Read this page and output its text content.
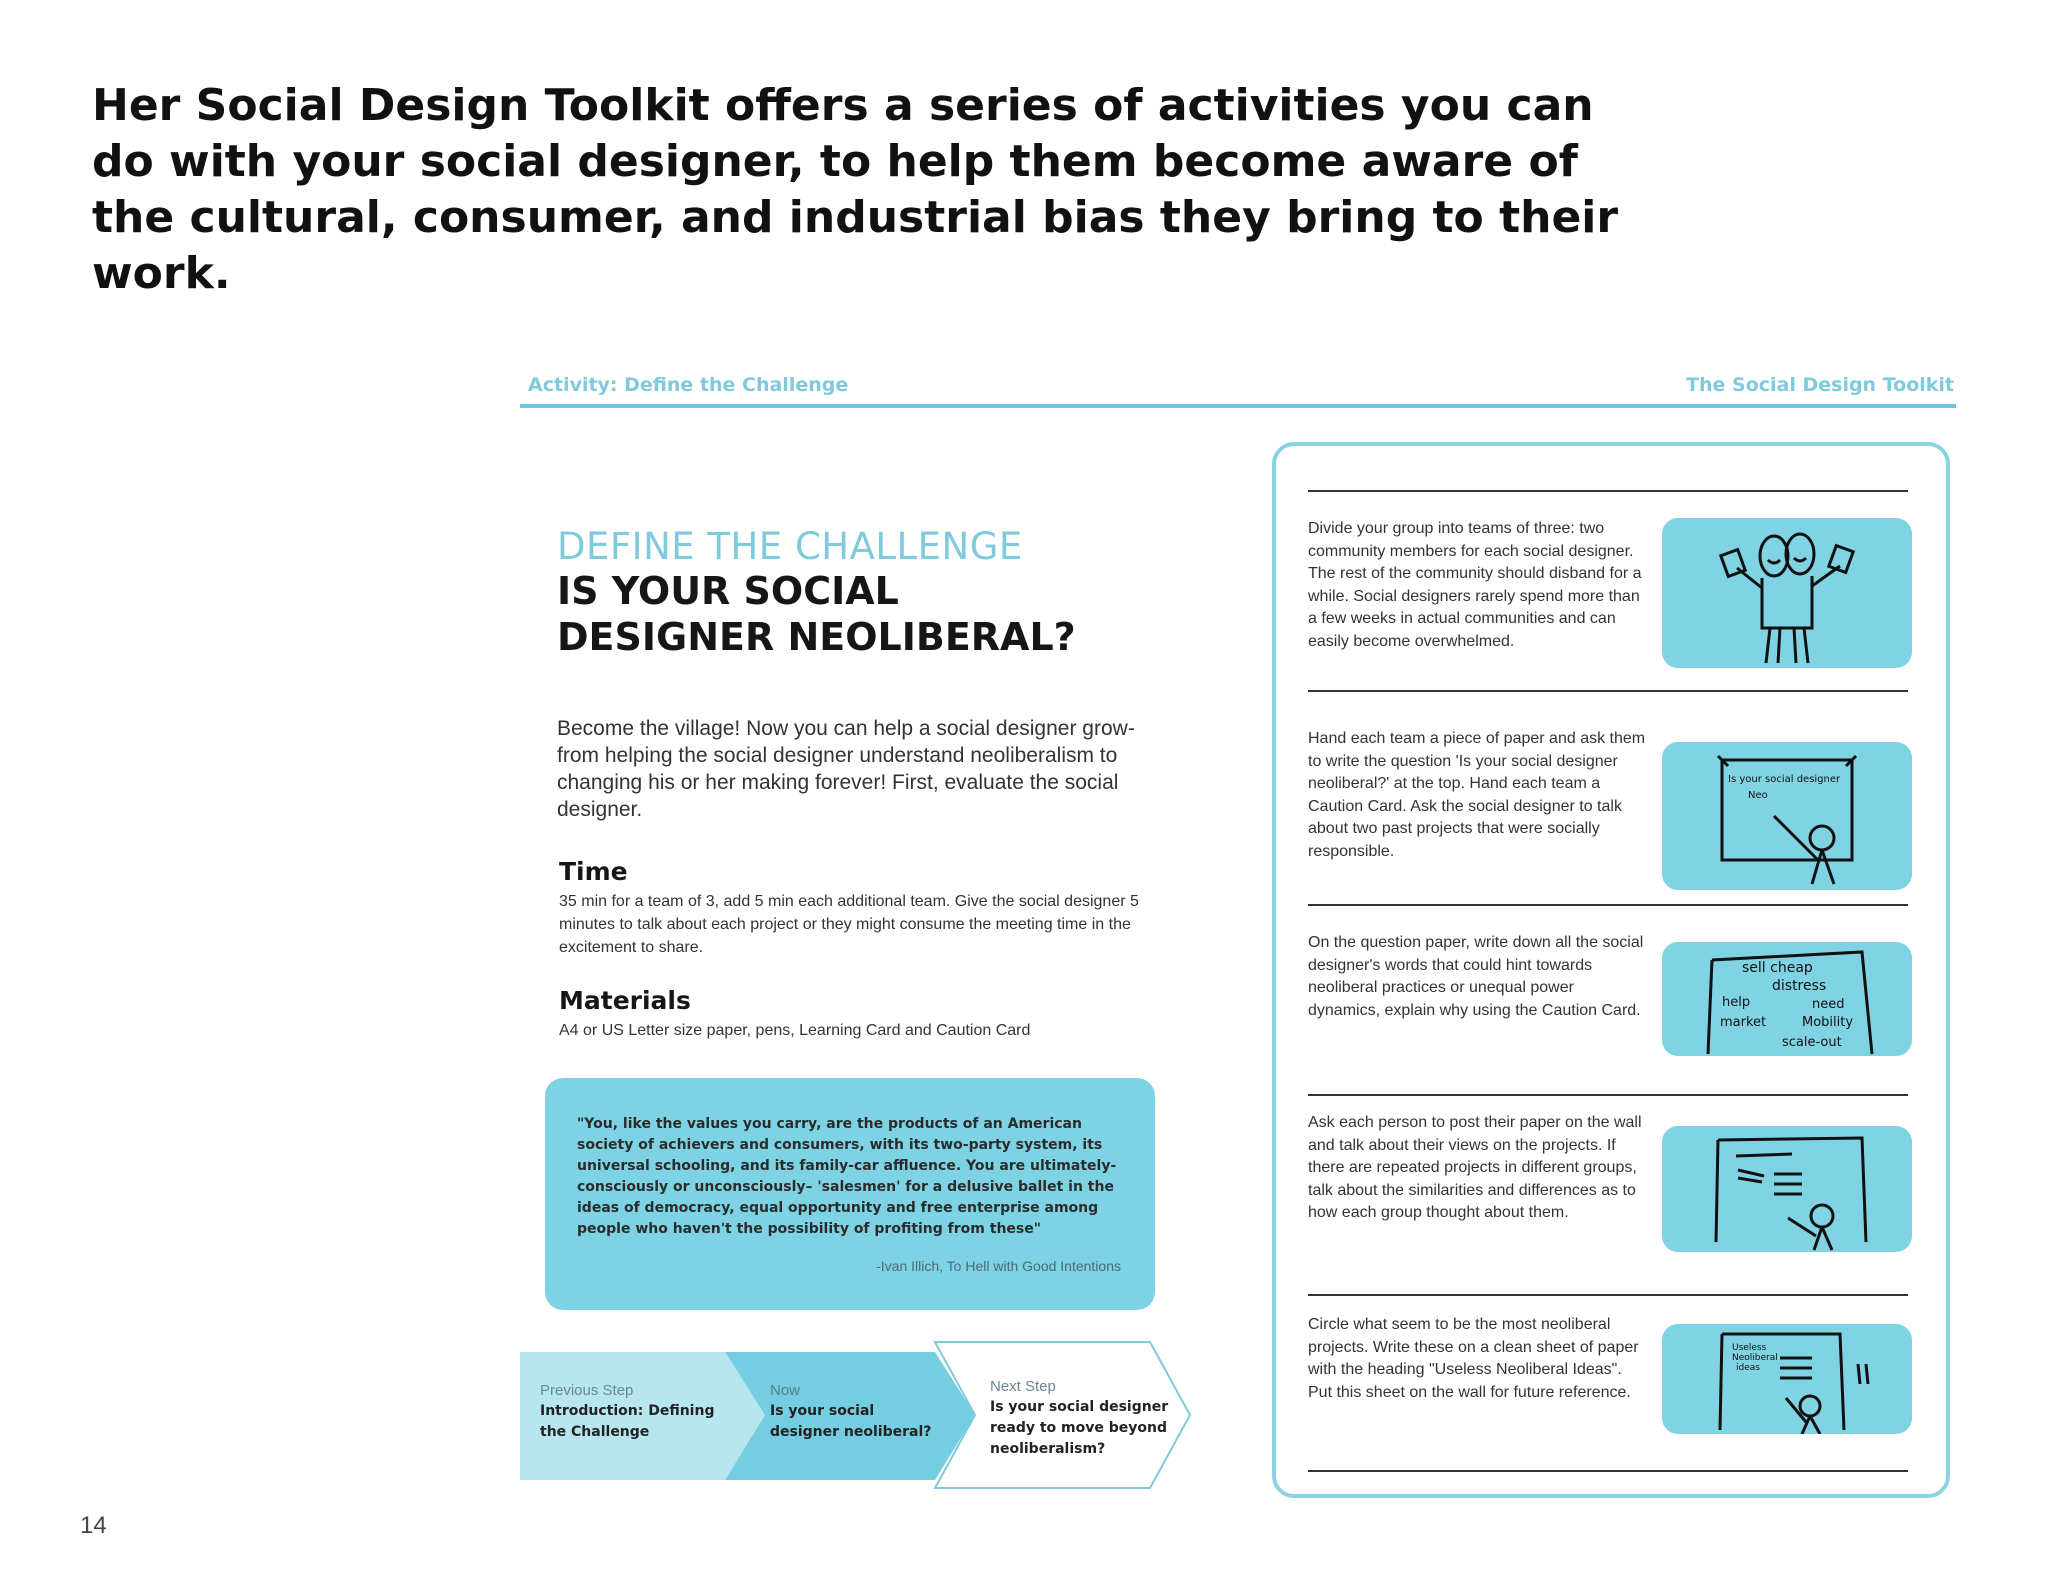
Her Social Design Toolkit offers a series of activities you can do with your social designer, to help them become aware of the cultural, consumer, and industrial bias they bring to their work.
Activity: Define the Challenge	The Social Design Toolkit
DEFINE THE CHALLENGE
IS YOUR SOCIAL DESIGNER NEOLIBERAL?
Become the village! Now you can help a social designer grow-from helping the social designer understand neoliberalism to changing his or her making forever! First, evaluate the social designer.
Time
35 min for a team of 3, add 5 min each additional team. Give the social designer 5 minutes to talk about each project or they might consume the meeting time in the excitement to share.
Materials
A4 or US Letter size paper, pens, Learning Card and Caution Card
"You, like the values you carry, are the products of an American society of achievers and consumers, with its two-party system, its universal schooling, and its family-car affluence. You are ultimately-consciously or unconsciously– 'salesmen' for a delusive ballet in the ideas of democracy, equal opportunity and free enterprise among people who haven't the possibility of profiting from these"
-Ivan Illich, To Hell with Good Intentions
Previous Step
Introduction: Defining the Challenge
Now
Is your social designer neoliberal?
Next Step
Is your social designer ready to move beyond neoliberalism?
Divide your group into teams of three: two community members for each social designer. The rest of the community should disband for a while. Social designers rarely spend more than a few weeks in actual communities and can easily become overwhelmed.
Hand each team a piece of paper and ask them to write the question 'Is your social designer neoliberal?' at the top. Hand each team a Caution Card. Ask the social designer to talk about two past projects that were socially responsible.
Is your social designer
Neo
On the question paper, write down all the social designer's words that could hint towards neoliberal practices or unequal power dynamics, explain why using the Caution Card.
sell cheap
distress
help	need
market	Mobility
scale-out
Ask each person to post their paper on the wall and talk about their views on the projects. If there are repeated projects in different groups, talk about the similarities and differences as to how each group thought about them.
Circle what seem to be the most neoliberal projects. Write these on a clean sheet of paper with the heading "Useless Neoliberal Ideas". Put this sheet on the wall for future reference.
Useless
Neoliberal
ideas
14
